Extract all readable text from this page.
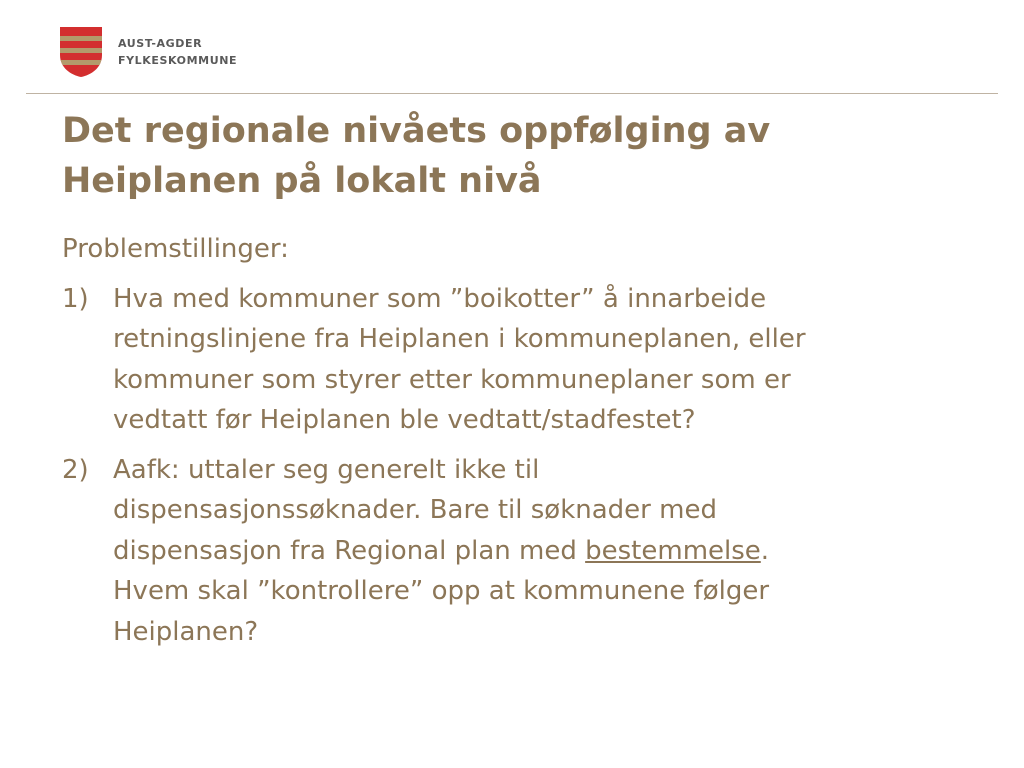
AUST-AGDER
FYLKESKOMMUNE
Det regionale nivåets oppfølging av
Heiplanen på lokalt nivå
Problemstillinger:
1) Hva med kommuner som ”boikotter” å innarbeide
retningslinjene fra Heiplanen i kommuneplanen, eller
kommuner som styrer etter kommuneplaner som er
vedtatt før Heiplanen ble vedtatt/stadfestet?
2) Aafk: uttaler seg generelt ikke til
dispensasjonssøknader. Bare til søknader med
dispensasjon fra Regional plan med bestemmelse.
Hvem skal ”kontrollere” opp at kommunene følger
Heiplanen?
